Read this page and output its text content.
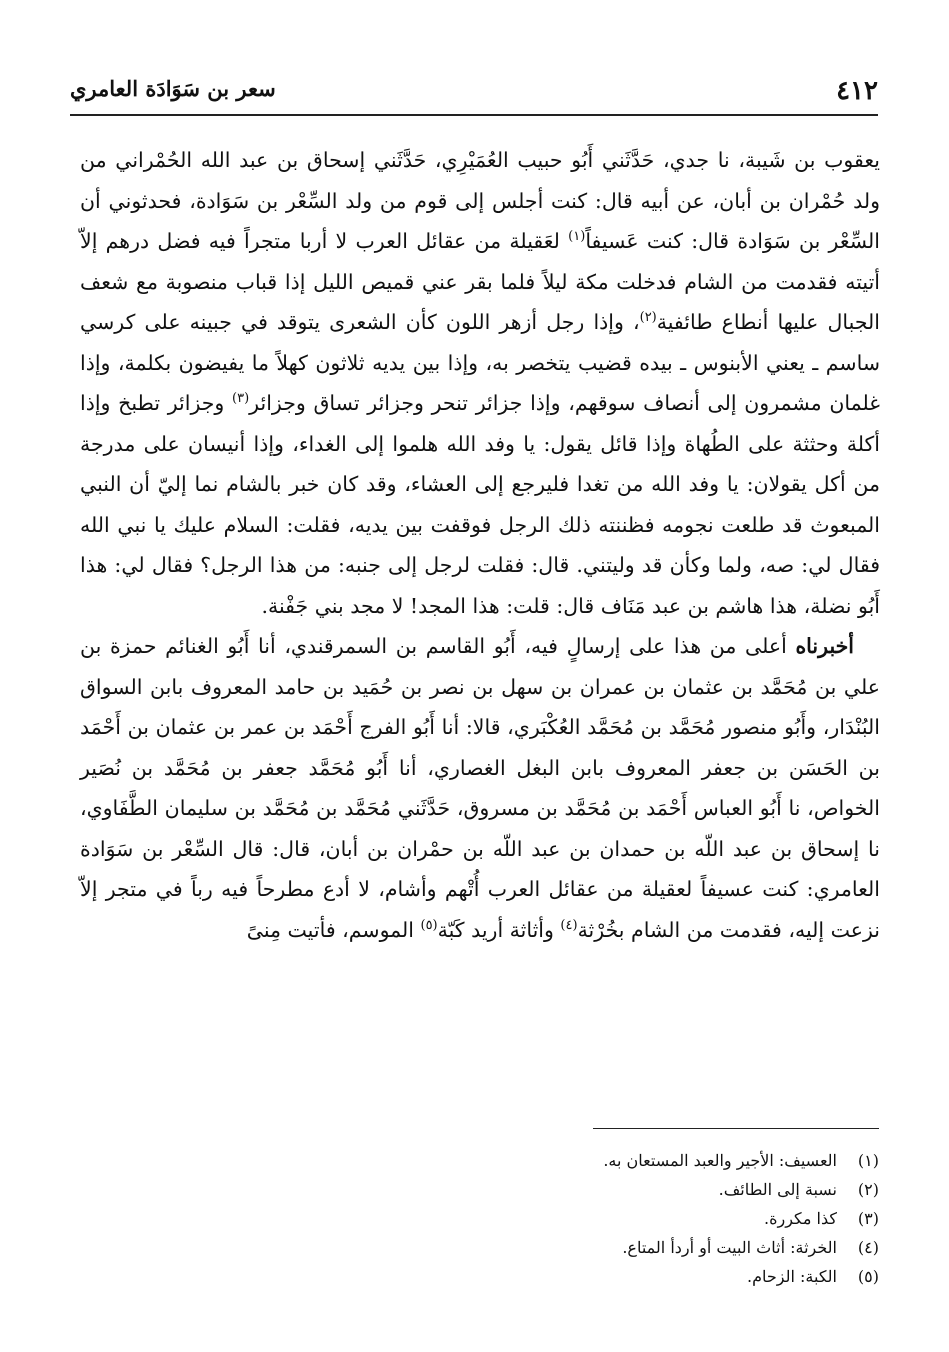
٤١٢
سعر بن سَوَادَة العامري

يعقوب بن شَيبة، نا جدي، حَدَّثَني أَبُو حبيب العُمَيْرِي، حَدَّثَني إسحاق بن عبد الله الحُمْراني من ولد حُمْران بن أبان، عن أبيه قال: كنت أجلس إلى قوم من ولد السِّعْر بن سَوَادة، فحدثوني أن السِّعْر بن سَوَادة قال: كنت عَسيفاً$^{(١)}$ لعَقيلة من عقائل العرب لا أربا متجراً فيه فضل درهم إلاّ أتيته فقدمت من الشام فدخلت مكة ليلاً فلما بقر عني قميص الليل إذا قباب منصوبة مع شعف الجبال عليها أنطاع طائفية$^{(٢)}$، وإذا رجل أزهر اللون كأن الشعرى يتوقد في جبينه على كرسي ساسم ـ يعني الأبنوس ـ بيده قضيب يتخصر به، وإذا بين يديه ثلاثون كهلاً ما يفيضون بكلمة، وإذا غلمان مشمرون إلى أنصاف سوقهم، وإذا جزائر تنحر وجزائر تساق وجزائر$^{(٣)}$ وجزائر تطبخ وإذا أكلة وحثثة على الطُهاة وإذا قائل يقول: يا وفد الله هلموا إلى الغداء، وإذا أنيسان على مدرجة من أكل يقولان: يا وفد الله من تغدا فليرجع إلى العشاء، وقد كان خبر بالشام نما إليّ أن النبي المبعوث قد طلعت نجومه فظننته ذلك الرجل فوقفت بين يديه، فقلت: السلام عليك يا نبي الله فقال لي: صه، ولما وكأن قد وليتني. قال: فقلت لرجل إلى جنبه: من هذا الرجل؟ فقال لي: هذا أَبُو نضلة، هذا هاشم بن عبد مَنَاف قال: قلت: هذا المجد! لا مجد بني جَفْنة.

أخبرناه أعلى من هذا على إرسالٍ فيه، أَبُو القاسم بن السمرقندي، أنا أَبُو الغنائم حمزة بن علي بن مُحَمَّد بن عثمان بن عمران بن سهل بن نصر بن حُمَيد بن حامد المعروف بابن السواق البُنْدَار، وأَبُو منصور مُحَمَّد بن مُحَمَّد العُكْبَري، قالا: أنا أَبُو الفرج أَحْمَد بن عمر بن عثمان بن أَحْمَد بن الحَسَن بن جعفر المعروف بابن البغل الغصاري، أنا أَبُو مُحَمَّد جعفر بن مُحَمَّد بن نُصَير الخواص، نا أَبُو العباس أَحْمَد بن مُحَمَّد بن مسروق، حَدَّثَني مُحَمَّد بن مُحَمَّد بن سليمان الطَّفَاوي، نا إسحاق بن عبد اللّه بن حمدان بن عبد اللّه بن حمْران بن أبان، قال: قال السِّعْر بن سَوَادة العامري: كنت عسيفاً لعقيلة من عقائل العرب أُتْهم وأشام، لا أدع مطرحاً فيه رباً في متجر إلاّ نزعت إليه، فقدمت من الشام بخُرْثة$^{(٤)}$ وأثاثة أريد كَبّة$^{(٥)}$ الموسم، فأتيت مِنىً

(١)العسيف: الأجير والعبد المستعان به.
(٢)نسبة إلى الطائف.
(٣)كذا مكررة.
(٤)الخرثة: أثاث البيت أو أردأ المتاع.
(٥)الكبة: الزحام.
